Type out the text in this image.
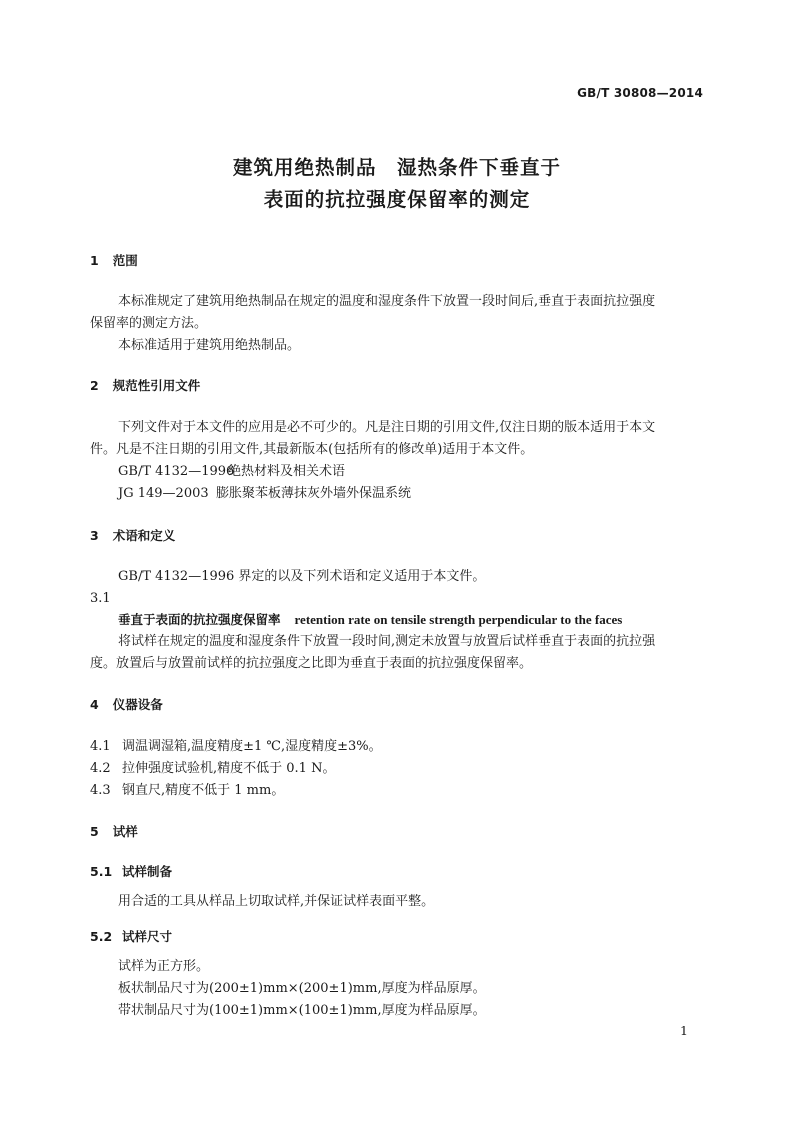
GB/T 30808—2014
建筑用绝热制品　湿热条件下垂直于
表面的抗拉强度保留率的测定
1 范围
本标准规定了建筑用绝热制品在规定的温度和湿度条件下放置一段时间后,垂直于表面抗拉强度
保留率的测定方法。
本标准适用于建筑用绝热制品。
2 规范性引用文件
下列文件对于本文件的应用是必不可少的。凡是注日期的引用文件,仅注日期的版本适用于本文
件。凡是不注日期的引用文件,其最新版本(包括所有的修改单)适用于本文件。
GB/T 4132—1996绝热材料及相关术语
JG 149—2003 膨胀聚苯板薄抹灰外墙外保温系统
3 术语和定义
GB/T 4132—1996 界定的以及下列术语和定义适用于本文件。
3.1
垂直于表面的抗拉强度保留率 retention rate on tensile strength perpendicular to the faces
将试样在规定的温度和湿度条件下放置一段时间,测定未放置与放置后试样垂直于表面的抗拉强
度。放置后与放置前试样的抗拉强度之比即为垂直于表面的抗拉强度保留率。
4 仪器设备
4.1 调温调湿箱,温度精度±1 ℃,湿度精度±3%。
4.2 拉伸强度试验机,精度不低于 0.1 N。
4.3 钢直尺,精度不低于 1 mm。
5 试样
5.1 试样制备
用合适的工具从样品上切取试样,并保证试样表面平整。
5.2 试样尺寸
试样为正方形。
板状制品尺寸为(200±1)mm×(200±1)mm,厚度为样品原厚。
带状制品尺寸为(100±1)mm×(100±1)mm,厚度为样品原厚。
1
